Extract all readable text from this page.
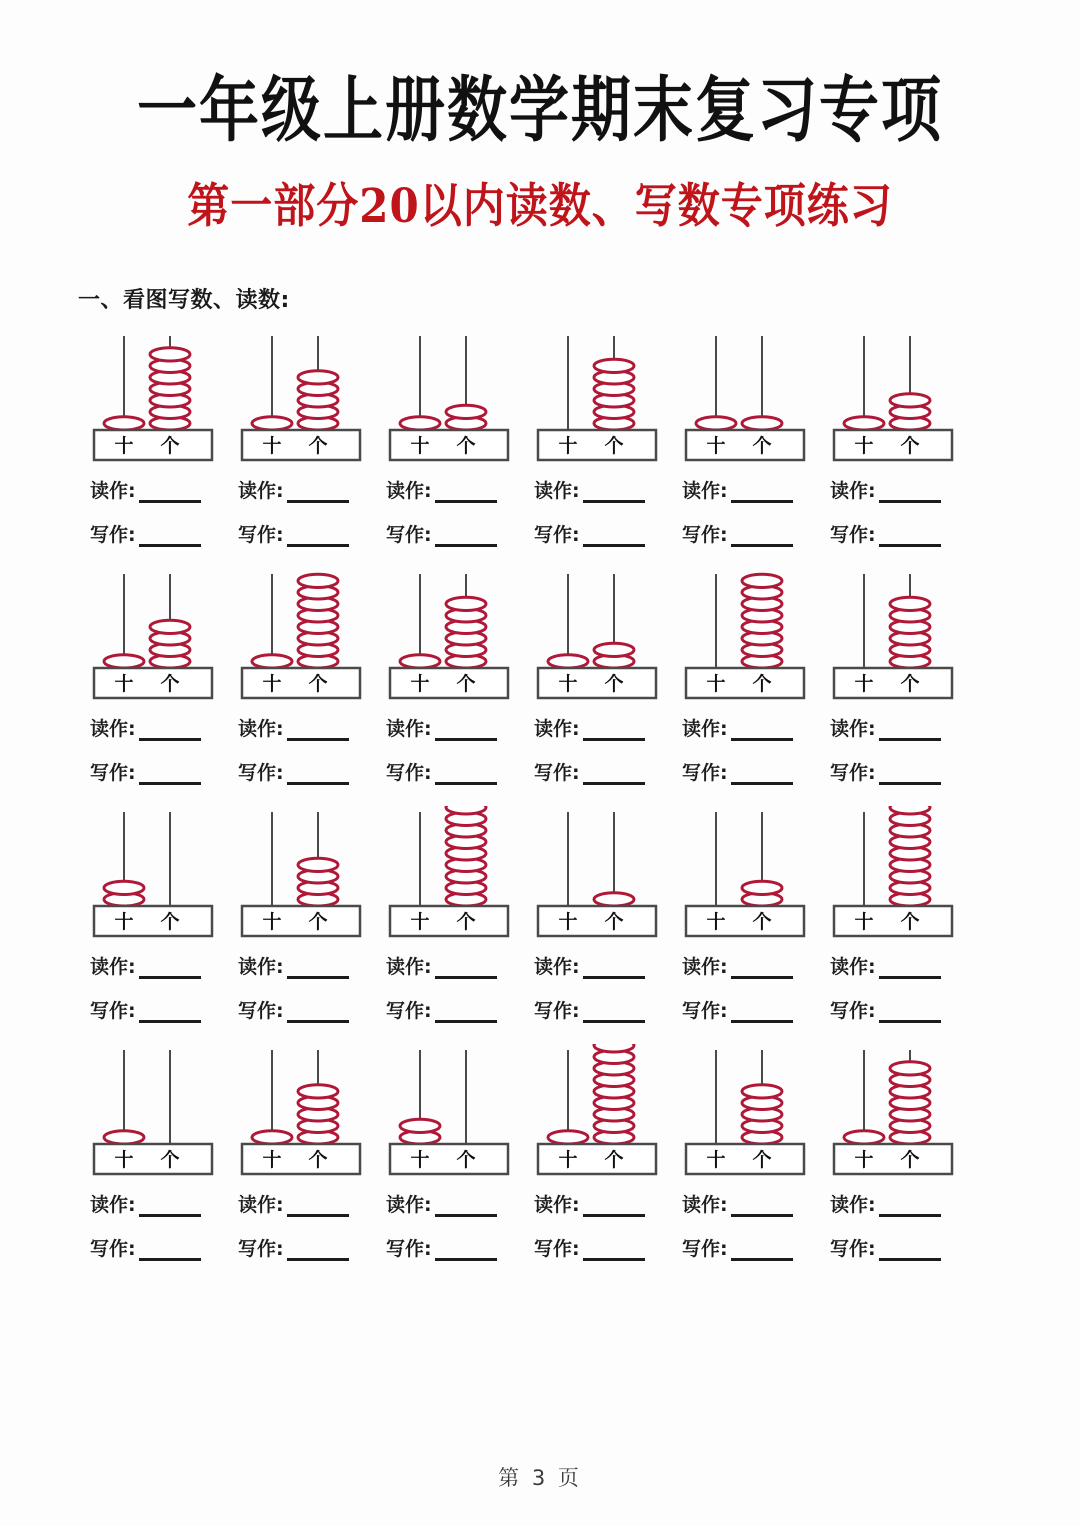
一年级上册数学期末复习专项
第一部分20以内读数、写数专项练习
一、看图写数、读数:
十 个
读作:
写作:
十 个
读作:
写作:
十 个
读作:
写作:
十 个
读作:
写作:
十 个
读作:
写作:
十 个
读作:
写作:
十 个
读作:
写作:
十 个
读作:
写作:
十 个
读作:
写作:
十 个
读作:
写作:
十 个
读作:
写作:
十 个
读作:
写作:
十 个
读作:
写作:
十 个
读作:
写作:
十 个
读作:
写作:
十 个
读作:
写作:
十 个
读作:
写作:
十 个
读作:
写作:
十 个
读作:
写作:
十 个
读作:
写作:
十 个
读作:
写作:
十 个
读作:
写作:
十 个
读作:
写作:
十 个
读作:
写作:
第 3 页
